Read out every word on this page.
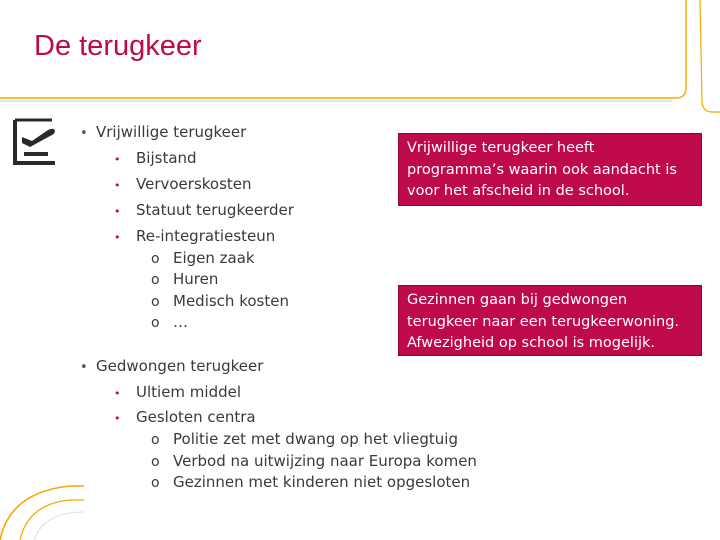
De terugkeer
• Vrijwillige terugkeer
• Bijstand
• Vervoerskosten
• Statuut terugkeerder
• Re-integratiesteun
o Eigen zaak
o Huren
o Medisch kosten
o …
• Gedwongen terugkeer
• Ultiem middel
• Gesloten centra
o Politie zet met dwang op het vliegtuig
o Verbod na uitwijzing naar Europa komen
o Gezinnen met kinderen niet opgesloten
Vrijwillige terugkeer heeft
programma’s waarin ook aandacht is
voor het afscheid in de school.
Gezinnen gaan bij gedwongen
terugkeer naar een terugkeerwoning.
Afwezigheid op school is mogelijk.
